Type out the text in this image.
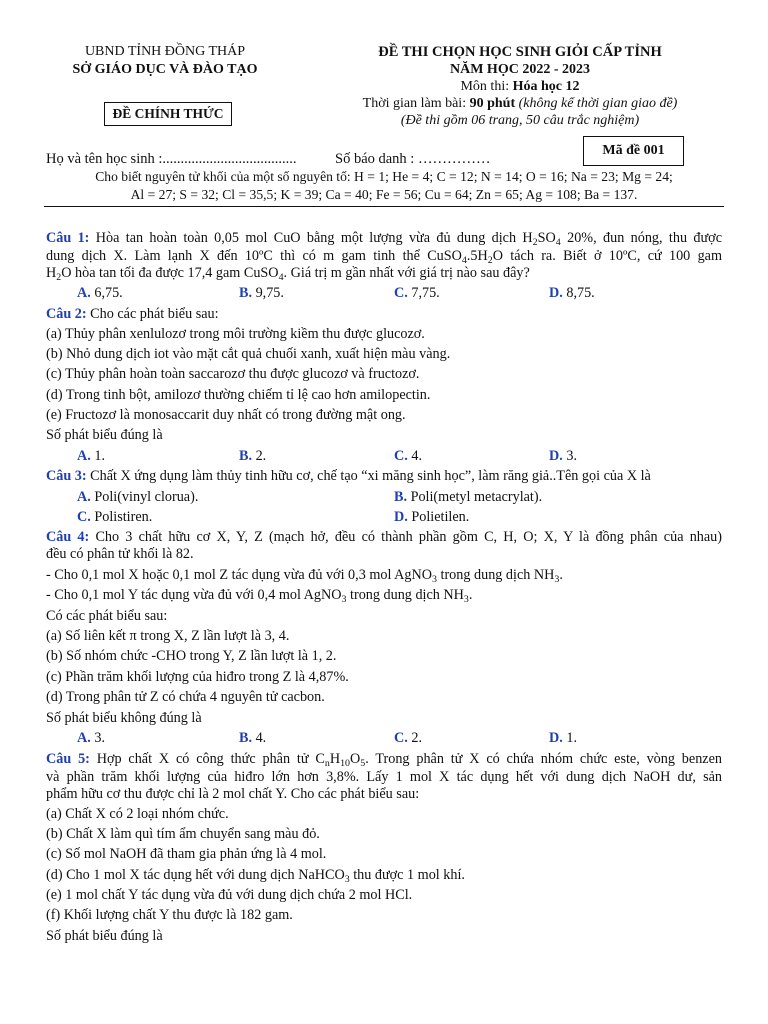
UBND TỈNH ĐỒNG THÁP
SỞ GIÁO DỤC VÀ ĐÀO TẠO
ĐỀ CHÍNH THỨC
ĐỀ THI CHỌN HỌC SINH GIỎI CẤP TỈNH
NĂM HỌC 2022 - 2023
Môn thi: Hóa học 12
Thời gian làm bài: 90 phút (không kể thời gian giao đề)
(Đề thi gồm 06 trang, 50 câu trắc nghiệm)
Mã đề 001
Họ và tên học sinh :.....................................	Số báo danh : ……………
Cho biết nguyên tử khối của một số nguyên tố: H = 1; He = 4; C = 12; N = 14; O = 16; Na = 23; Mg = 24;
Al = 27; S = 32; Cl = 35,5; K = 39; Ca = 40; Fe = 56; Cu = 64; Zn = 65; Ag = 108; Ba = 137.
Câu 1: Hòa tan hoàn toàn 0,05 mol CuO bằng một lượng vừa đủ dung dịch $H_2SO_4$ 20%, đun nóng, thu được
dung dịch X. Làm lạnh X đến 10ºC thì có m gam tinh thể $CuSO_4.5H_2O$ tách ra. Biết ở 10ºC, cứ 100 gam
$H_2O$ hòa tan tối đa được 17,4 gam CuSO$_4$. Giá trị m gần nhất với giá trị nào sau đây?
A. 6,75.	B. 9,75.	C. 7,75.	D. 8,75.
Câu 2: Cho các phát biểu sau:
(a) Thủy phân xenlulozơ trong môi trường kiềm thu được glucozơ.
(b) Nhỏ dung dịch iot vào mặt cắt quả chuối xanh, xuất hiện màu vàng.
(c) Thủy phân hoàn toàn saccarozơ thu được glucozơ và fructozơ.
(d) Trong tinh bột, amilozơ thường chiếm tỉ lệ cao hơn amilopectin.
(e) Fructozơ là monosaccarit duy nhất có trong đường mật ong.
Số phát biểu đúng là
A. 1.	B. 2.	C. 4.	D. 3.
Câu 3: Chất X ứng dụng làm thủy tinh hữu cơ, chế tạo “xi măng sinh học”, làm răng giả..Tên gọi của X là
A. Poli(vinyl clorua).	B. Poli(metyl metacrylat).
C. Polistiren.	D. Polietilen.
Câu 4: Cho 3 chất hữu cơ X, Y, Z (mạch hở, đều có thành phần gồm C, H, O; X, Y là đồng phân của nhau)
đều có phân tử khối là 82.
- Cho 0,1 mol X hoặc 0,1 mol Z tác dụng vừa đủ với 0,3 mol AgNO$_3$ trong dung dịch $NH_3$.
- Cho 0,1 mol Y tác dụng vừa đủ với 0,4 mol AgNO$_3$ trong dung dịch $NH_3$.
Có các phát biểu sau:
(a) Số liên kết π trong X, Z lần lượt là 3, 4.
(b) Số nhóm chức -CHO trong Y, Z lần lượt là 1, 2.
(c) Phần trăm khối lượng của hiđro trong Z là 4,87%.
(d) Trong phân tử Z có chứa 4 nguyên tử cacbon.
Số phát biểu không đúng là
A. 3.	B. 4.	C. 2.	D. 1.
Câu 5: Hợp chất X có công thức phân tử $C_nH_{10}O_5$. Trong phân tử X có chứa nhóm chức este, vòng benzen
và phần trăm khối lượng của hiđro lớn hơn 3,8%. Lấy 1 mol X tác dụng hết với dung dịch NaOH dư, sản
phẩm hữu cơ thu được chỉ là 2 mol chất Y. Cho các phát biểu sau:
(a) Chất X có 2 loại nhóm chức.
(b) Chất X làm quì tím ẩm chuyển sang màu đỏ.
(c) Số mol NaOH đã tham gia phản ứng là 4 mol.
(d) Cho 1 mol X tác dụng hết với dung dịch NaHCO$_3$ thu được 1 mol khí.
(e) 1 mol chất Y tác dụng vừa đủ với dung dịch chứa 2 mol HCl.
(f) Khối lượng chất Y thu được là 182 gam.
Số phát biểu đúng là
